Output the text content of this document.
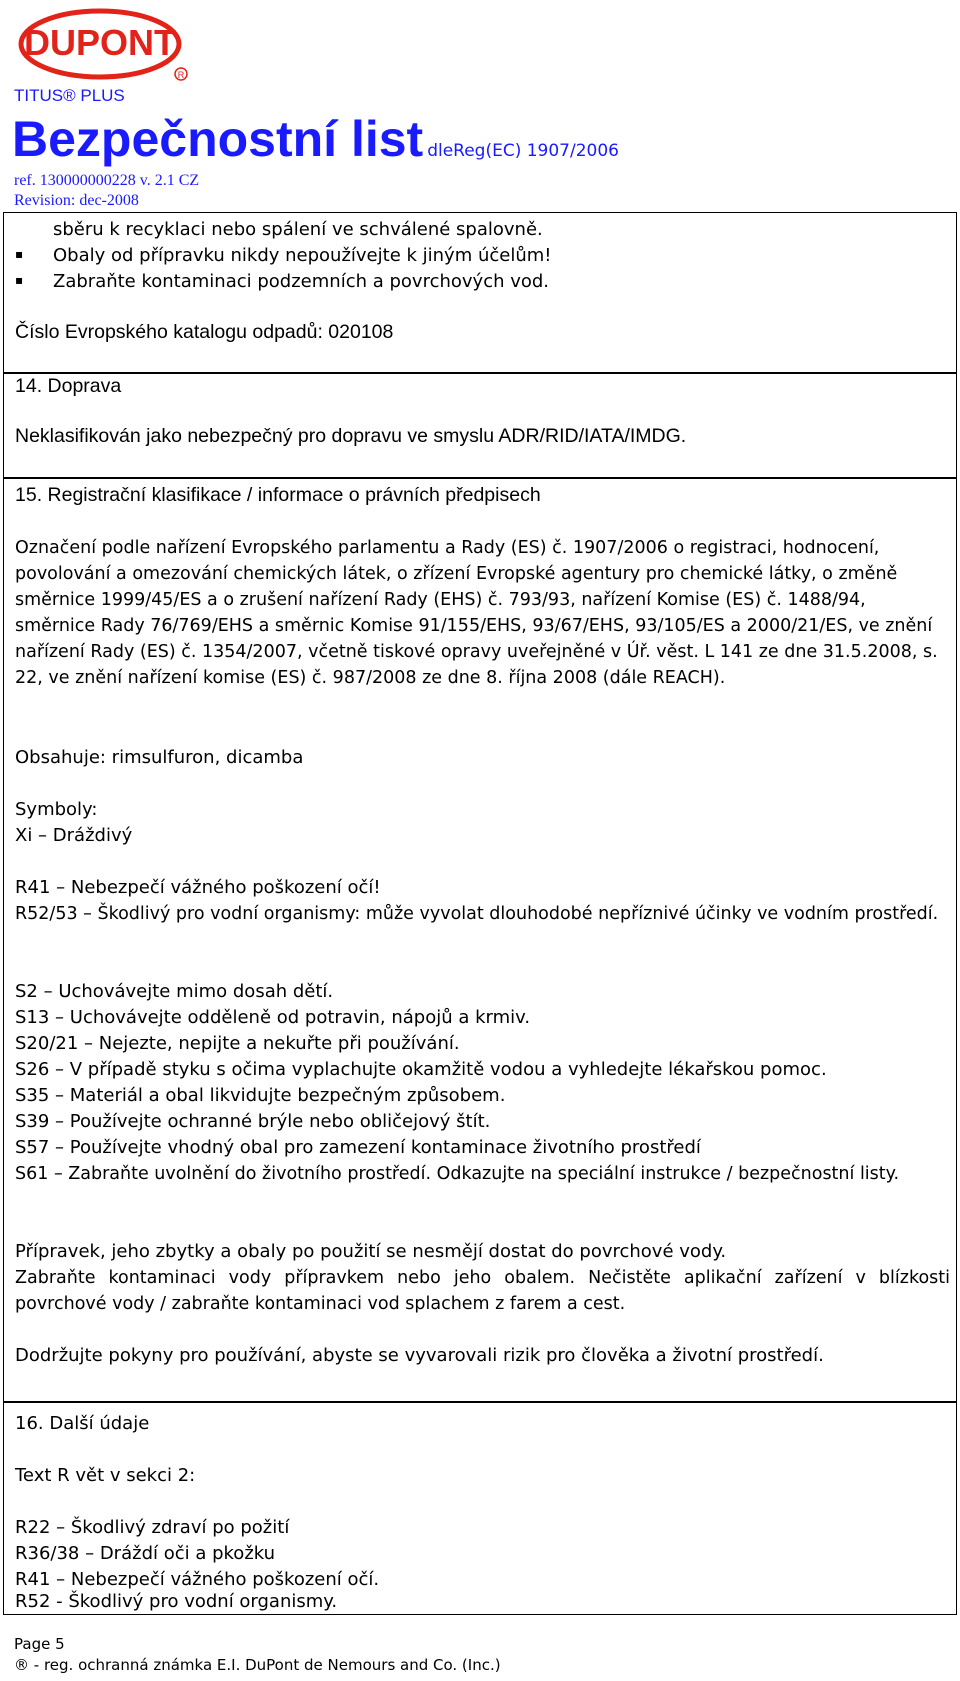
DUPONT
R
TITUS® PLUS
Bezpečnostní list dleReg(EC) 1907/2006
ref. 130000000228 v. 2.1 CZ
Revision: dec-2008
sběru k recyklaci nebo spálení ve schválené spalovně.
▪ Obaly od přípravku nikdy nepoužívejte k jiným účelům!
▪ Zabraňte kontaminaci podzemních a povrchových vod.
Číslo Evropského katalogu odpadů: 020108
14. Doprava
Neklasifikován jako nebezpečný pro dopravu ve smyslu ADR/RID/IATA/IMDG.
15. Registrační klasifikace / informace o právních předpisech
Označení podle nařízení Evropského parlamentu a Rady (ES) č. 1907/2006 o registraci, hodnocení, povolování a omezování chemických látek, o zřízení Evropské agentury pro chemické látky, o změně směrnice 1999/45/ES a o zrušení nařízení Rady (EHS) č. 793/93, nařízení Komise (ES) č. 1488/94, směrnice Rady 76/769/EHS a směrnic Komise 91/155/EHS, 93/67/EHS, 93/105/ES a 2000/21/ES, ve znění nařízení Rady (ES) č. 1354/2007, včetně tiskové opravy uveřejněné v Úř. věst. L 141 ze dne 31.5.2008, s. 22, ve znění nařízení komise (ES) č. 987/2008 ze dne 8. října 2008 (dále REACH).
Obsahuje: rimsulfuron, dicamba
Symboly:
Xi – Dráždivý
R41 – Nebezpečí vážného poškození očí!
R52/53 – Škodlivý pro vodní organismy: může vyvolat dlouhodobé nepříznivé účinky ve vodním prostředí.
S2 – Uchovávejte mimo dosah dětí.
S13 – Uchovávejte odděleně od potravin, nápojů a krmiv.
S20/21 – Nejezte, nepijte a nekuřte při používání.
S26 – V případě styku s očima vyplachujte okamžitě vodou a vyhledejte lékařskou pomoc.
S35 – Materiál a obal likvidujte bezpečným způsobem.
S39 – Používejte ochranné brýle nebo obličejový štít.
S57 – Používejte vhodný obal pro zamezení kontaminace životního prostředí
S61 – Zabraňte uvolnění do životního prostředí. Odkazujte na speciální instrukce / bezpečnostní listy.
Přípravek, jeho zbytky a obaly po použití se nesmějí dostat do povrchové vody.
Zabraňte kontaminaci vody přípravkem nebo jeho obalem. Nečistěte aplikační zařízení v blízkosti povrchové vody / zabraňte kontaminaci vod splachem z farem a cest.
Dodržujte pokyny pro používání, abyste se vyvarovali rizik pro člověka a životní prostředí.
16. Další údaje
Text R vět v sekci 2:
R22 – Škodlivý zdraví po požití
R36/38 – Dráždí oči a pkožku
R41 – Nebezpečí vážného poškození očí.
R52 - Škodlivý pro vodní organismy.
Page 5
® - reg. ochranná známka E.I. DuPont de Nemours and Co. (Inc.)
